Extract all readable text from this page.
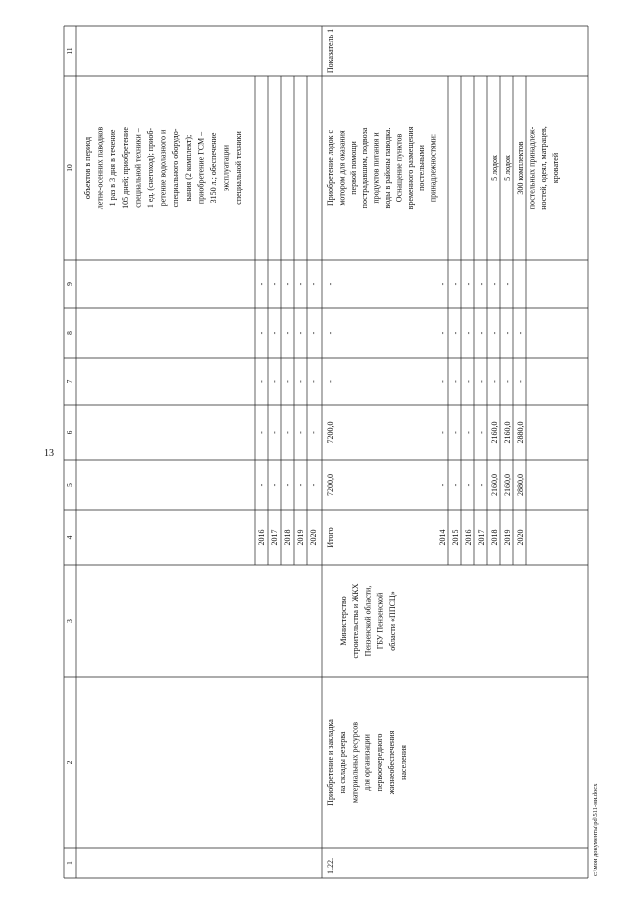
13
1
2
3
4
5
6
7
8
9
10
11
объектов в период летне-осенних паводков 1 раз в 3 дня в течение 105 дней; приобретение специальной техники – 1 ед. (снегоход); приоб- ретение водолазного и специального оборудо- вания (2 комплект); приобретение ГСМ – 3150 л.; обеспечение эксплуатации специальной техники
2016
-
-
-
-
-
2017
-
-
-
-
-
2018
-
-
-
-
-
2019
-
-
-
-
-
2020
-
-
-
-
-
1.22.
Приобретение и закладка на склады резерва материальных ресурсов для организации первоочередного жизнеобеспечения населения
Министерство строительства и ЖКХ Пензенской области, ГБУ Пензенской области «ППСЦ»
Итого
7200,0
7200,0
-
-
-
Приобретение лодок с мотором для оказания первой помощи пострадавшим, подвоза продуктов питания и воды в районы паводка. Оснащение пунктов временного размещения постельными принадлежностями:
Показатель 1
2014
-
-
-
-
-
2015
-
-
-
-
-
2016
-
-
-
-
-
2017
-
-
-
-
-
2018
2160,0
2160,0
-
-
-
2019
2160,0
2160,0
-
-
-
2020
2880,0
2880,0
-
-
5 лодок 5 лодок 300 комплектов постельных принадлеж- ностей, одеял, матрацев, кроватей
c:\мои документы\pd\511-ни.docx
